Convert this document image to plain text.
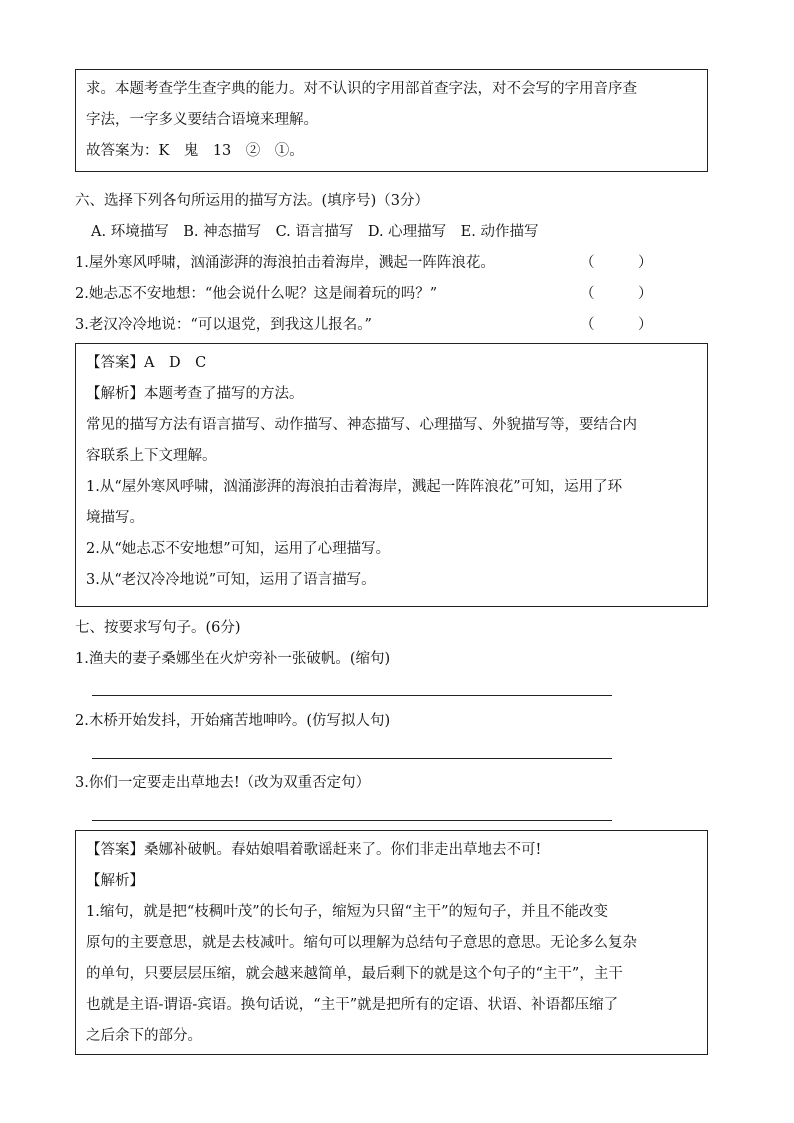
求。本题考查学生查字典的能力。对不认识的字用部首查字法，对不会写的字用音序查
字法，一字多义要结合语境来理解。
故答案为：K　鬼　13　②　①。
六、选择下列各句所运用的描写方法。(填序号)（3分）
A. 环境描写　B. 神态描写　C. 语言描写　D. 心理描写　E. 动作描写
1.屋外寒风呼啸，汹涌澎湃的海浪拍击着海岸，溅起一阵阵浪花。	（　　　）
2.她忐忑不安地想：“他会说什么呢？这是闹着玩的吗？”	（　　　）
3.老汉冷冷地说：“可以退党，到我这儿报名。”	（　　　）
【答案】A　D　C
【解析】本题考查了描写的方法。
常见的描写方法有语言描写、动作描写、神态描写、心理描写、外貌描写等，要结合内
容联系上下文理解。
1.从“屋外寒风呼啸，汹涌澎湃的海浪拍击着海岸，溅起一阵阵浪花”可知，运用了环
境描写。
2.从“她忐忑不安地想”可知，运用了心理描写。
3.从“老汉冷冷地说”可知，运用了语言描写。
七、按要求写句子。(6分)
1.渔夫的妻子桑娜坐在火炉旁补一张破帆。(缩句)
2.木桥开始发抖，开始痛苦地呻吟。(仿写拟人句)
3.你们一定要走出草地去!（改为双重否定句）
【答案】桑娜补破帆。春姑娘唱着歌谣赶来了。你们非走出草地去不可!
【解析】
1.缩句，就是把“枝稠叶茂”的长句子，缩短为只留“主干”的短句子，并且不能改变
原句的主要意思，就是去枝减叶。缩句可以理解为总结句子意思的意思。无论多么复杂
的单句，只要层层压缩，就会越来越简单，最后剩下的就是这个句子的“主干”，主干
也就是主语-谓语-宾语。换句话说，“主干”就是把所有的定语、状语、补语都压缩了
之后余下的部分。
